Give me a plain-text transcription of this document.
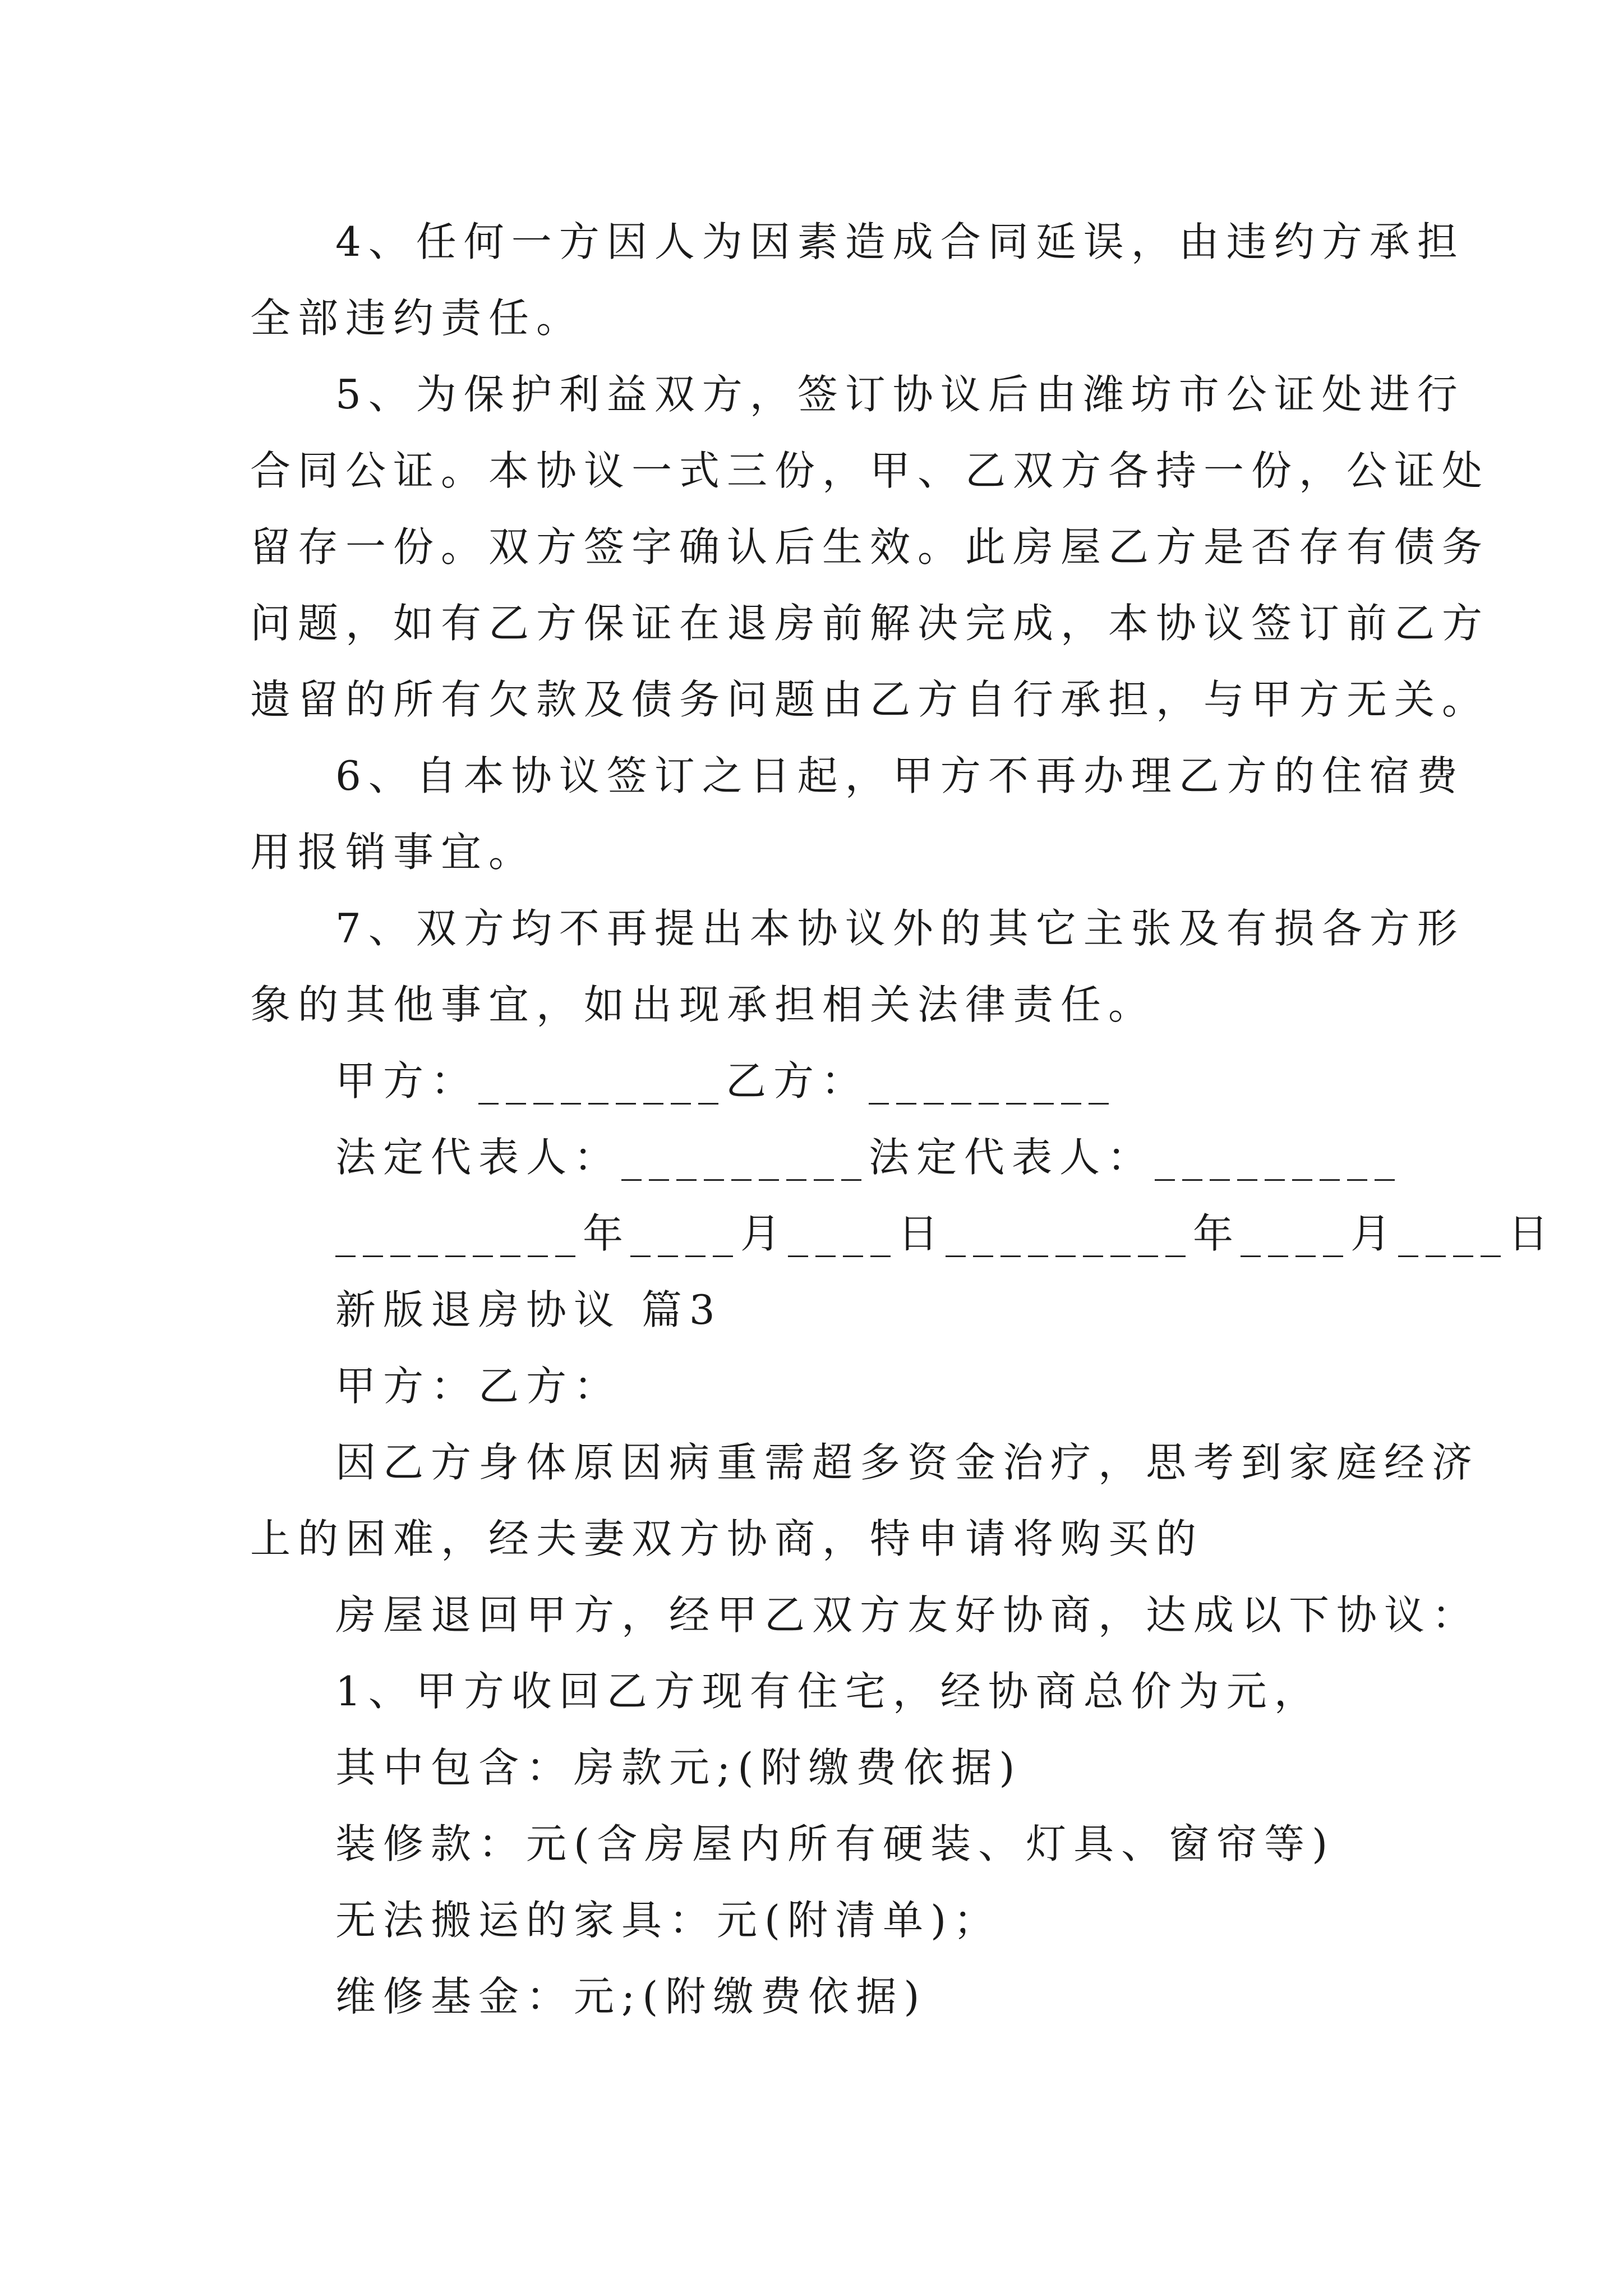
4、任何一方因人为因素造成合同延误，由违约方承担

全部违约责任。

5、为保护利益双方，签订协议后由潍坊市公证处进行

合同公证。本协议一式三份，甲、乙双方各持一份，公证处

留存一份。双方签字确认后生效。此房屋乙方是否存有债务

问题，如有乙方保证在退房前解决完成，本协议签订前乙方

遗留的所有欠款及债务问题由乙方自行承担，与甲方无关。

6、自本协议签订之日起，甲方不再办理乙方的住宿费

用报销事宜。

7、双方均不再提出本协议外的其它主张及有损各方形

象的其他事宜，如出现承担相关法律责任。

甲方：_________乙方：_________

法定代表人：_________法定代表人：_________

_________年____月____日_________年____月____日

新版退房协议 篇3

甲方：乙方：

因乙方身体原因病重需超多资金治疗，思考到家庭经济

上的困难，经夫妻双方协商，特申请将购买的

房屋退回甲方，经甲乙双方友好协商，达成以下协议：

1、甲方收回乙方现有住宅，经协商总价为元，

其中包含：房款元;(附缴费依据)

装修款：元(含房屋内所有硬装、灯具、窗帘等)

无法搬运的家具：元(附清单)；

维修基金：元;(附缴费依据)
